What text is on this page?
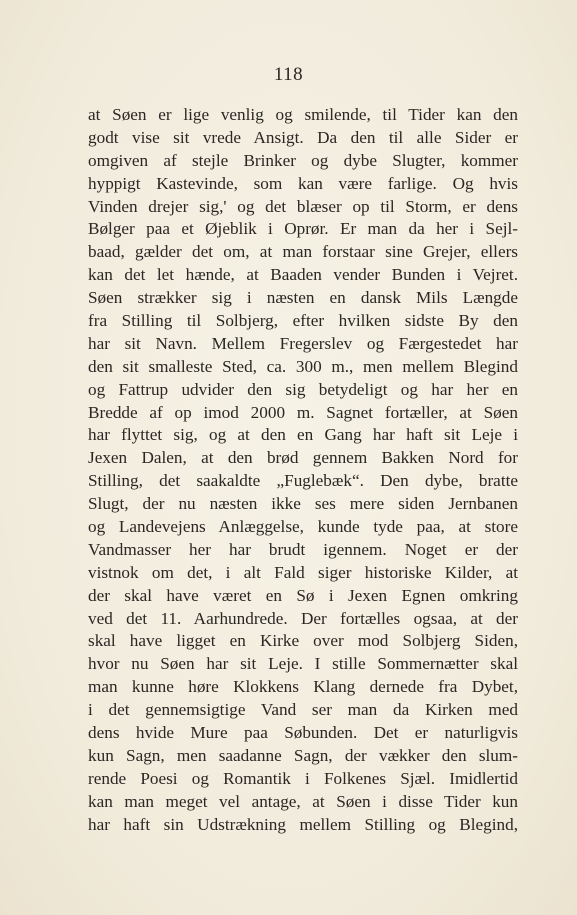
118
at Søen er lige venlig og smilende, til Tider kan den
godt vise sit vrede Ansigt. Da den til alle Sider er
omgiven af stejle Brinker og dybe Slugter, kommer
hyppigt Kastevinde, som kan være farlige. Og hvis
Vinden drejer sig,' og det blæser op til Storm, er dens
Bølger paa et Øjeblik i Oprør. Er man da her i Sejl-
baad, gælder det om, at man forstaar sine Grejer, ellers
kan det let hænde, at Baaden vender Bunden i Vejret.
Søen strækker sig i næsten en dansk Mils Længde
fra Stilling til Solbjerg, efter hvilken sidste By den
har sit Navn. Mellem Fregerslev og Færgestedet har
den sit smalleste Sted, ca. 300 m., men mellem Blegind
og Fattrup udvider den sig betydeligt og har her en
Bredde af op imod 2000 m. Sagnet fortæller, at Søen
har flyttet sig, og at den en Gang har haft sit Leje i
Jexen Dalen, at den brød gennem Bakken Nord for
Stilling, det saakaldte „Fuglebæk“. Den dybe, bratte
Slugt, der nu næsten ikke ses mere siden Jernbanen
og Landevejens Anlæggelse, kunde tyde paa, at store
Vandmasser her har brudt igennem. Noget er der
vistnok om det, i alt Fald siger historiske Kilder, at
der skal have været en Sø i Jexen Egnen omkring
ved det 11. Aarhundrede. Der fortælles ogsaa, at der
skal have ligget en Kirke over mod Solbjerg Siden,
hvor nu Søen har sit Leje. I stille Sommernætter skal
man kunne høre Klokkens Klang dernede fra Dybet,
i det gennemsigtige Vand ser man da Kirken med
dens hvide Mure paa Søbunden. Det er naturligvis
kun Sagn, men saadanne Sagn, der vækker den slum-
rende Poesi og Romantik i Folkenes Sjæl. Imidlertid
kan man meget vel antage, at Søen i disse Tider kun
har haft sin Udstrækning mellem Stilling og Blegind,
